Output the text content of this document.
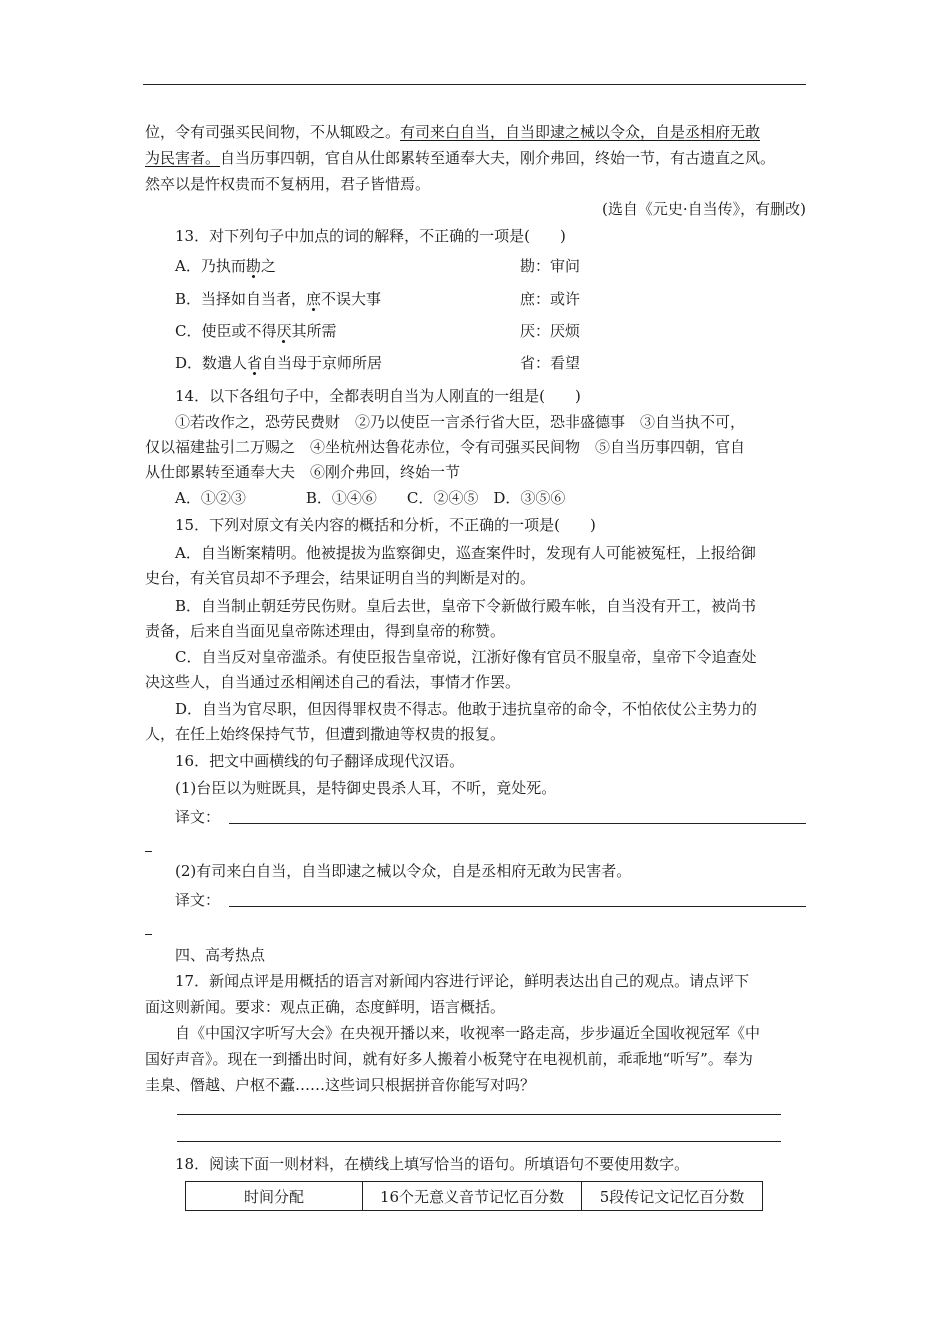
位，令有司强买民间物，不从辄殴之。有司来白自当，自当即逮之械以令众，自是丞相府无敢
为民害者。自当历事四朝，官自从仕郎累转至通奉大夫，刚介弗回，终始一节，有古遗直之风。
然卒以是忤权贵而不复柄用，君子皆惜焉。
(选自《元史·自当传》，有删改)
13．对下列句子中加点的词的解释，不正确的一项是(　　)
A．乃执而勘之	勘：审问
B．当择如自当者，庶不误大事	庶：或许
C．使臣或不得厌其所需	厌：厌烦
D．数遣人省自当母于京师所居	省：看望
14．以下各组句子中，全都表明自当为人刚直的一组是(　　)
①若改作之，恐劳民费财　②乃以使臣一言杀行省大臣，恐非盛德事　③自当执不可，
仅以福建盐引二万赐之　④坐杭州达鲁花赤位，令有司强买民间物　⑤自当历事四朝，官自
从仕郎累转至通奉大夫　⑥刚介弗回，终始一节
A．①②③　　　　B．①④⑥　　C．②④⑤　D．③⑤⑥
15．下列对原文有关内容的概括和分析，不正确的一项是(　　)
A．自当断案精明。他被提拔为监察御史，巡查案件时，发现有人可能被冤枉，上报给御
史台，有关官员却不予理会，结果证明自当的判断是对的。
B．自当制止朝廷劳民伤财。皇后去世，皇帝下令新做行殿车帐，自当没有开工，被尚书
责备，后来自当面见皇帝陈述理由，得到皇帝的称赞。
C．自当反对皇帝滥杀。有使臣报告皇帝说，江浙好像有官员不服皇帝，皇帝下令追查处
决这些人，自当通过丞相阐述自己的看法，事情才作罢。
D．自当为官尽职，但因得罪权贵不得志。他敢于违抗皇帝的命令，不怕依仗公主势力的
人，在任上始终保持气节，但遭到撒迪等权贵的报复。
16．把文中画横线的句子翻译成现代汉语。
(1)台臣以为赃既具，是特御史畏杀人耳，不听，竟处死。
译文：
(2)有司来白自当，自当即逮之械以令众，自是丞相府无敢为民害者。
译文：
四、高考热点
17．新闻点评是用概括的语言对新闻内容进行评论，鲜明表达出自己的观点。请点评下
面这则新闻。要求：观点正确，态度鲜明，语言概括。
自《中国汉字听写大会》在央视开播以来，收视率一路走高，步步逼近全国收视冠军《中
国好声音》。现在一到播出时间，就有好多人搬着小板凳守在电视机前，乖乖地“听写”。奉为
圭臬、僭越、户枢不蠹……这些词只根据拼音你能写对吗？
18．阅读下面一则材料，在横线上填写恰当的语句。所填语句不要使用数字。
时间分配	16个无意义音节记忆百分数	5段传记文记忆百分数
